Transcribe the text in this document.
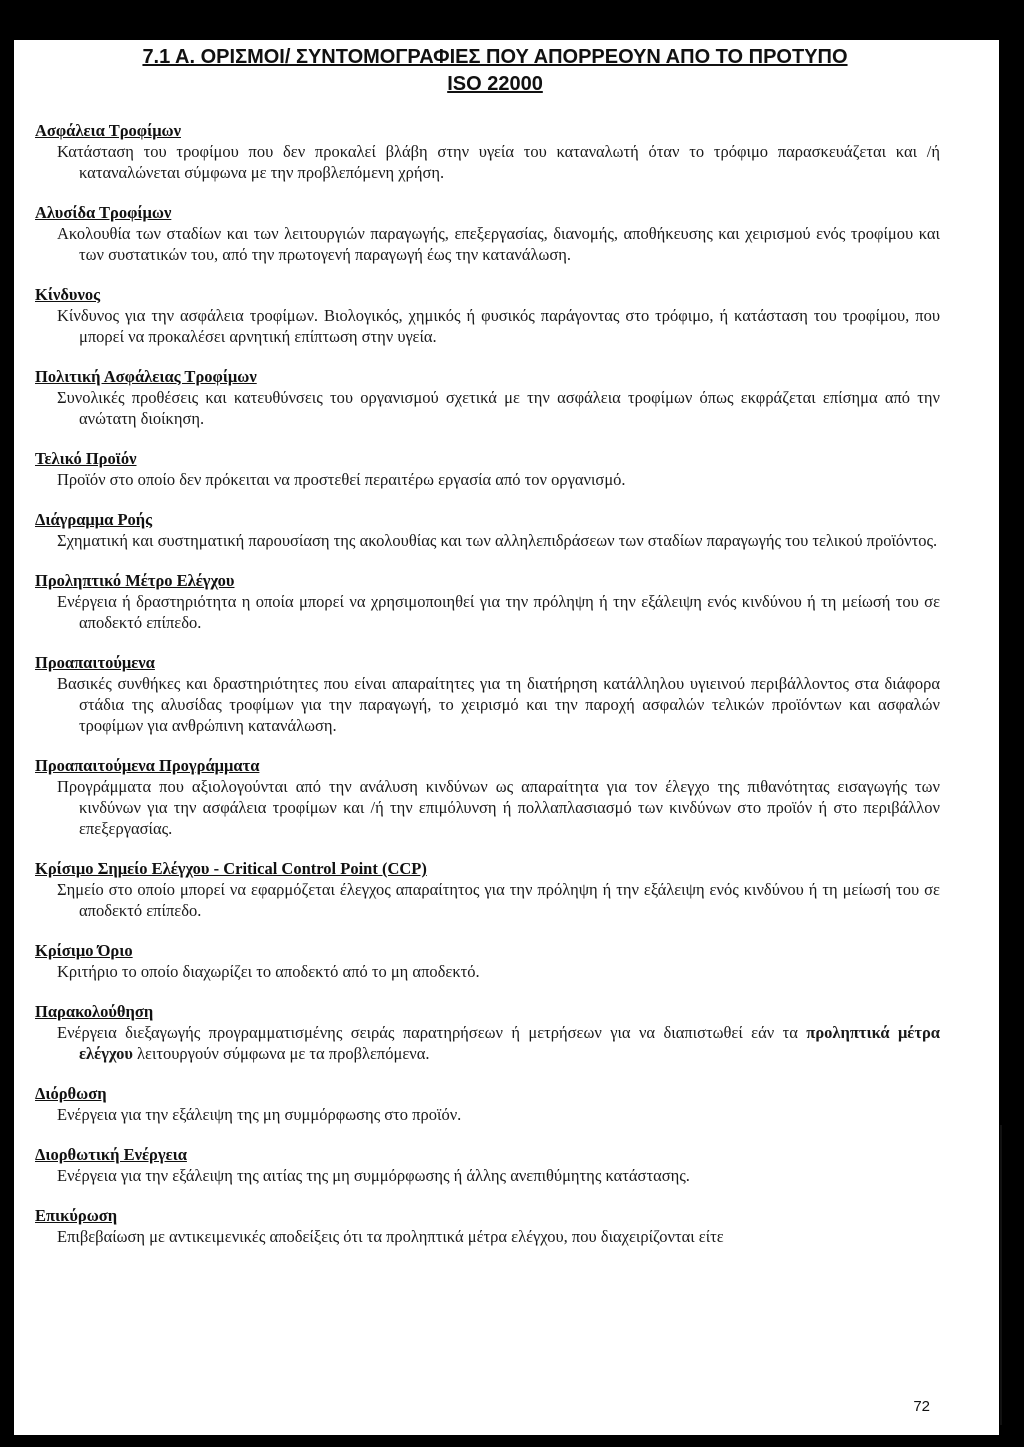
7.1 Α. ΟΡΙΣΜΟΙ/ ΣΥΝΤΟΜΟΓΡΑΦΙΕΣ ΠΟΥ ΑΠΟΡΡΕΟΥΝ ΑΠΟ ΤΟ ΠΡΟΤΥΠΟ
ISO 22000
Ασφάλεια Τροφίμων
Κατάσταση του τροφίμου που δεν προκαλεί βλάβη στην υγεία του καταναλωτή όταν το τρόφιμο παρασκευάζεται και /ή καταναλώνεται σύμφωνα με την προβλεπόμενη χρήση.
Αλυσίδα Τροφίμων
Ακολουθία των σταδίων και των λειτουργιών παραγωγής, επεξεργασίας, διανομής, αποθήκευσης και χειρισμού ενός τροφίμου και των συστατικών του, από την πρωτογενή παραγωγή έως την κατανάλωση.
Κίνδυνος
Κίνδυνος για την ασφάλεια τροφίμων. Βιολογικός, χημικός ή φυσικός παράγοντας στο τρόφιμο, ή κατάσταση του τροφίμου, που μπορεί να προκαλέσει αρνητική επίπτωση στην υγεία.
Πολιτική Ασφάλειας Τροφίμων
Συνολικές προθέσεις και κατευθύνσεις του οργανισμού σχετικά με την ασφάλεια τροφίμων όπως εκφράζεται επίσημα από την ανώτατη διοίκηση.
Τελικό Προϊόν
Προϊόν στο οποίο δεν πρόκειται να προστεθεί περαιτέρω εργασία από τον οργανισμό.
Διάγραμμα Ροής
Σχηματική και συστηματική παρουσίαση της ακολουθίας και των αλληλεπιδράσεων των σταδίων παραγωγής του τελικού προϊόντος.
Προληπτικό Μέτρο Ελέγχου
Ενέργεια ή δραστηριότητα η οποία μπορεί να χρησιμοποιηθεί για την πρόληψη ή την εξάλειψη ενός κινδύνου ή τη μείωσή του σε αποδεκτό επίπεδο.
Προαπαιτούμενα
Βασικές συνθήκες και δραστηριότητες που είναι απαραίτητες για τη διατήρηση κατάλληλου υγιεινού περιβάλλοντος στα διάφορα στάδια της αλυσίδας τροφίμων για την παραγωγή, το χειρισμό και την παροχή ασφαλών τελικών προϊόντων και ασφαλών τροφίμων για ανθρώπινη κατανάλωση.
Προαπαιτούμενα Προγράμματα
Προγράμματα που αξιολογούνται από την ανάλυση κινδύνων ως απαραίτητα για τον έλεγχο της πιθανότητας εισαγωγής των κινδύνων για την ασφάλεια τροφίμων και /ή την επιμόλυνση ή πολλαπλασιασμό των κινδύνων στο προϊόν ή στο περιβάλλον επεξεργασίας.
Κρίσιμο Σημείο Ελέγχου - Critical Control Point (CCP)
Σημείο στο οποίο μπορεί να εφαρμόζεται έλεγχος απαραίτητος για την πρόληψη ή την εξάλειψη ενός κινδύνου ή τη μείωσή του σε αποδεκτό επίπεδο.
Κρίσιμο Όριο
Κριτήριο το οποίο διαχωρίζει το αποδεκτό από το μη αποδεκτό.
Παρακολούθηση
Ενέργεια διεξαγωγής προγραμματισμένης σειράς παρατηρήσεων ή μετρήσεων για να διαπιστωθεί εάν τα προληπτικά μέτρα ελέγχου λειτουργούν σύμφωνα με τα προβλεπόμενα.
Διόρθωση
Ενέργεια για την εξάλειψη της μη συμμόρφωσης στο προϊόν.
Διορθωτική Ενέργεια
Ενέργεια για την εξάλειψη της αιτίας της μη συμμόρφωσης ή άλλης ανεπιθύμητης κατάστασης.
Επικύρωση
Επιβεβαίωση με αντικειμενικές αποδείξεις ότι τα προληπτικά μέτρα ελέγχου, που διαχειρίζονται είτε
72
